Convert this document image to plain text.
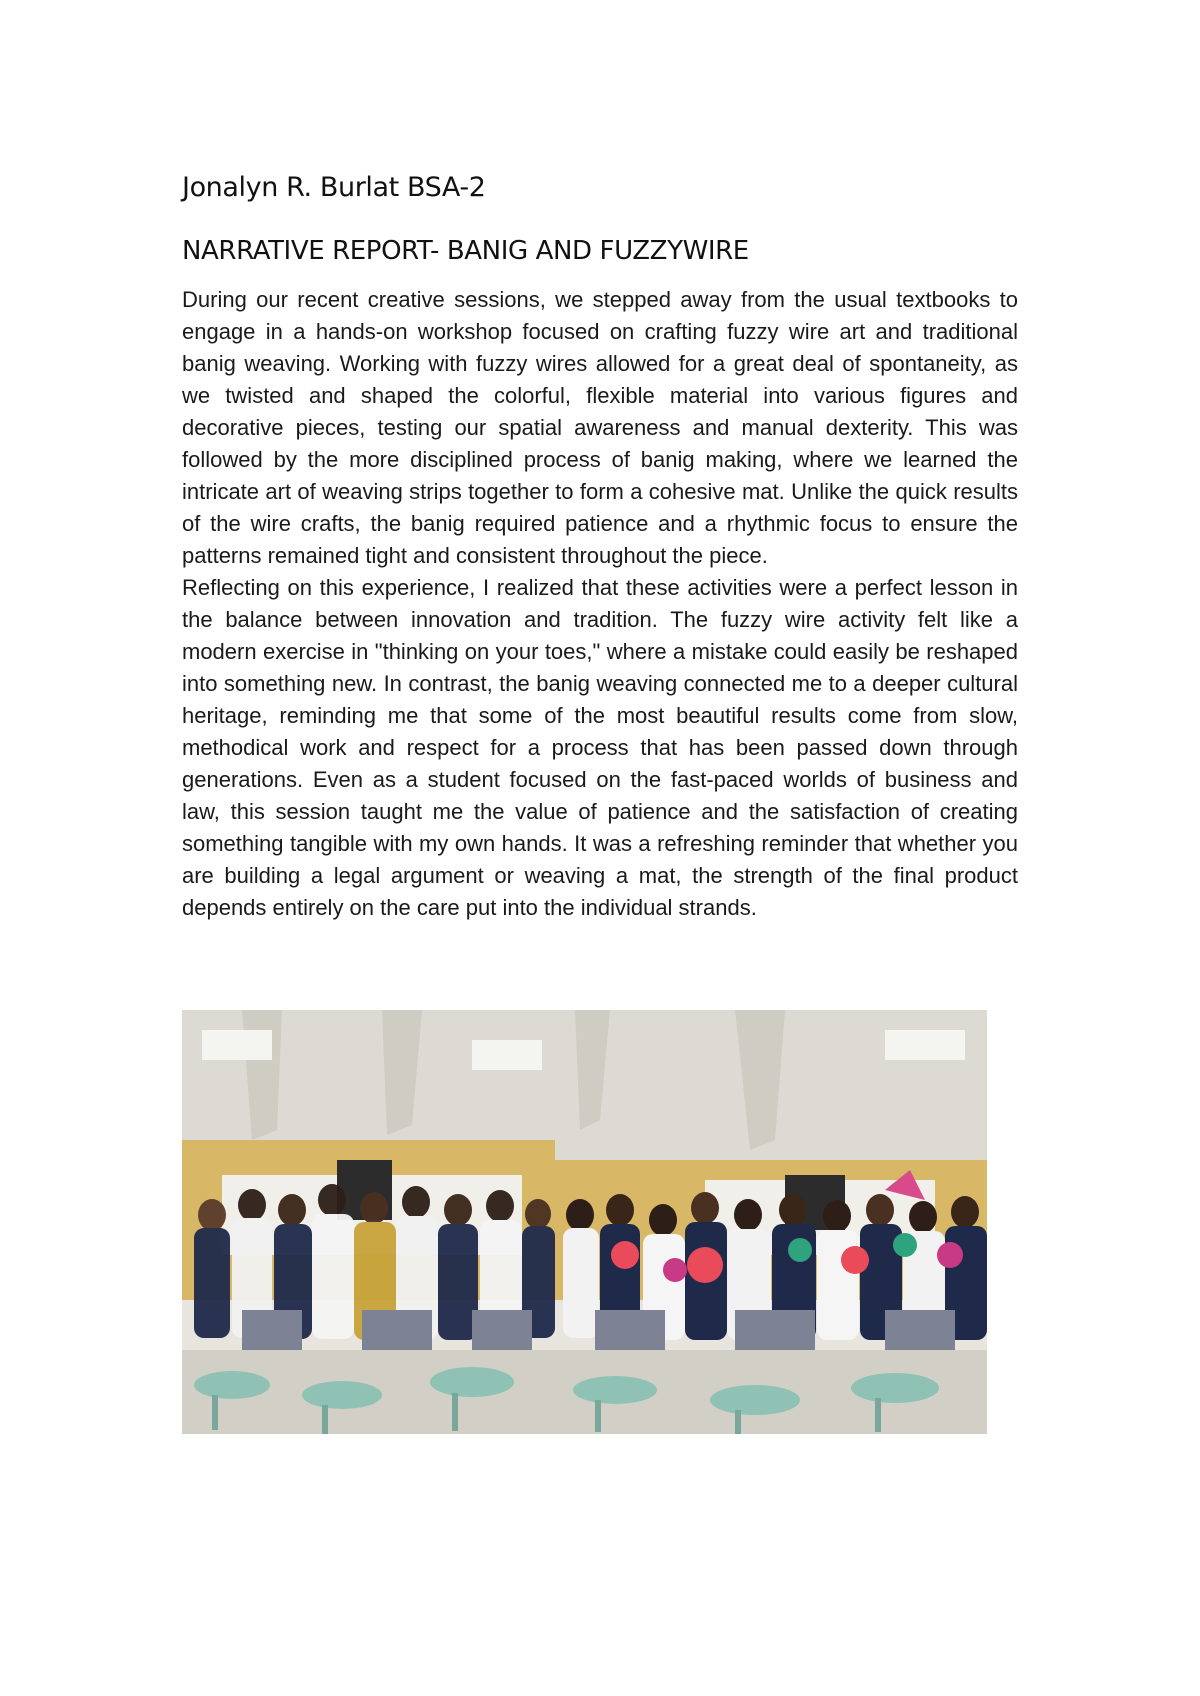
Jonalyn R. Burlat BSA-2
NARRATIVE REPORT- BANIG AND FUZZYWIRE

During our recent creative sessions, we stepped away from the usual textbooks to engage in a hands-on workshop focused on crafting fuzzy wire art and traditional banig weaving. Working with fuzzy wires allowed for a great deal of spontaneity, as we twisted and shaped the colorful, flexible material into various figures and decorative pieces, testing our spatial awareness and manual dexterity. This was followed by the more disciplined process of banig making, where we learned the intricate art of weaving strips together to form a cohesive mat. Unlike the quick results of the wire crafts, the banig required patience and a rhythmic focus to ensure the patterns remained tight and consistent throughout the piece.

Reflecting on this experience, I realized that these activities were a perfect lesson in the balance between innovation and tradition. The fuzzy wire activity felt like a modern exercise in "thinking on your toes," where a mistake could easily be reshaped into something new. In contrast, the banig weaving connected me to a deeper cultural heritage, reminding me that some of the most beautiful results come from slow, methodical work and respect for a process that has been passed down through generations. Even as a student focused on the fast-paced worlds of business and law, this session taught me the value of patience and the satisfaction of creating something tangible with my own hands. It was a refreshing reminder that whether you are building a legal argument or weaving a mat, the strength of the final product depends entirely on the care put into the individual strands.
